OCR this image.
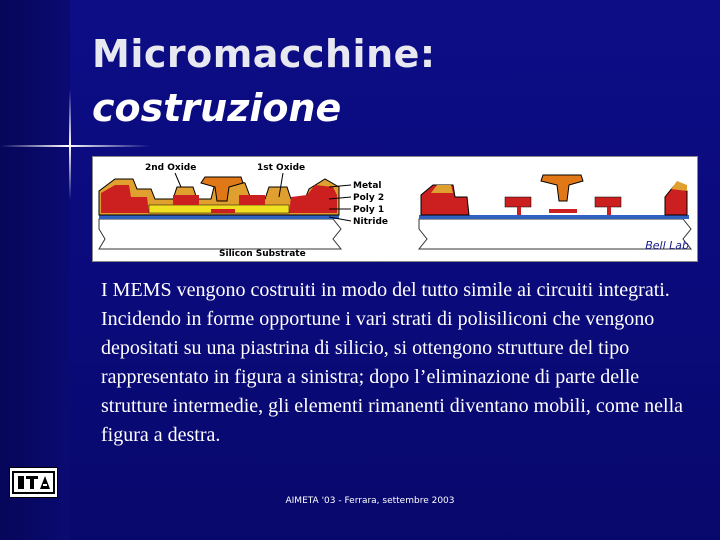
Micromacchine:
costruzione
2nd Oxide	1st Oxide
Metal
Poly 2
Poly 1
Nitride
Silicon Substrate
Bell Lab

I MEMS vengono costruiti in modo del tutto simile ai circuiti integrati. Incidendo in forme opportune i vari strati di polisiliconi che vengono depositati su una piastrina di silicio, si ottengono strutture del tipo rappresentato in figura a sinistra; dopo l’eliminazione di parte delle strutture intermedie, gli elementi rimanenti diventano mobili, come nella figura a destra.

AIMETA '03 - Ferrara, settembre 2003
